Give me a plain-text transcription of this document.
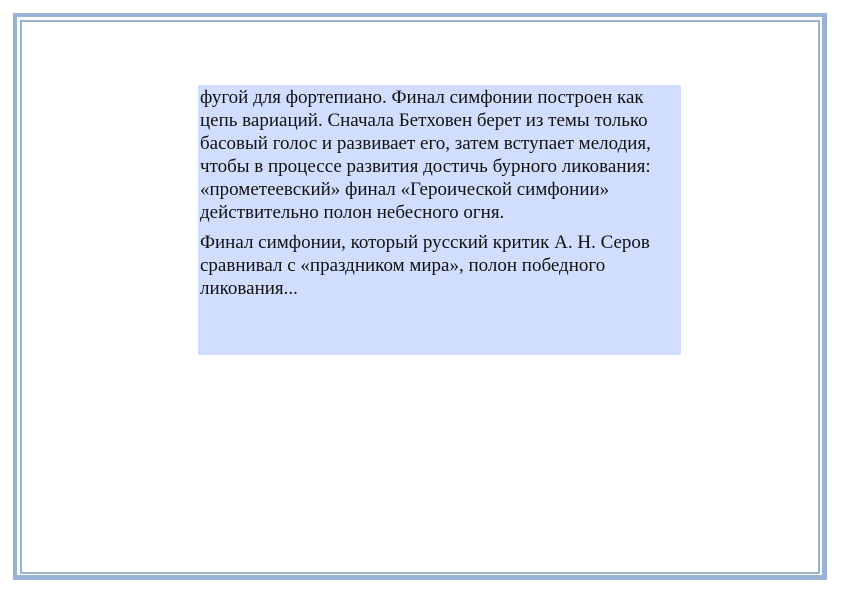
фугой для фортепиано. Финал симфонии построен как цепь вариаций. Сначала Бетховен берет из темы только басовый голос и развивает его, затем вступает мелодия, чтобы в процессе развития достичь бурного ликования: «прометеевский» финал «Героической симфонии» действительно полон небесного огня.

Финал симфонии, который русский критик А. Н. Серов сравнивал с «праздником мира», полон победного ликования...
